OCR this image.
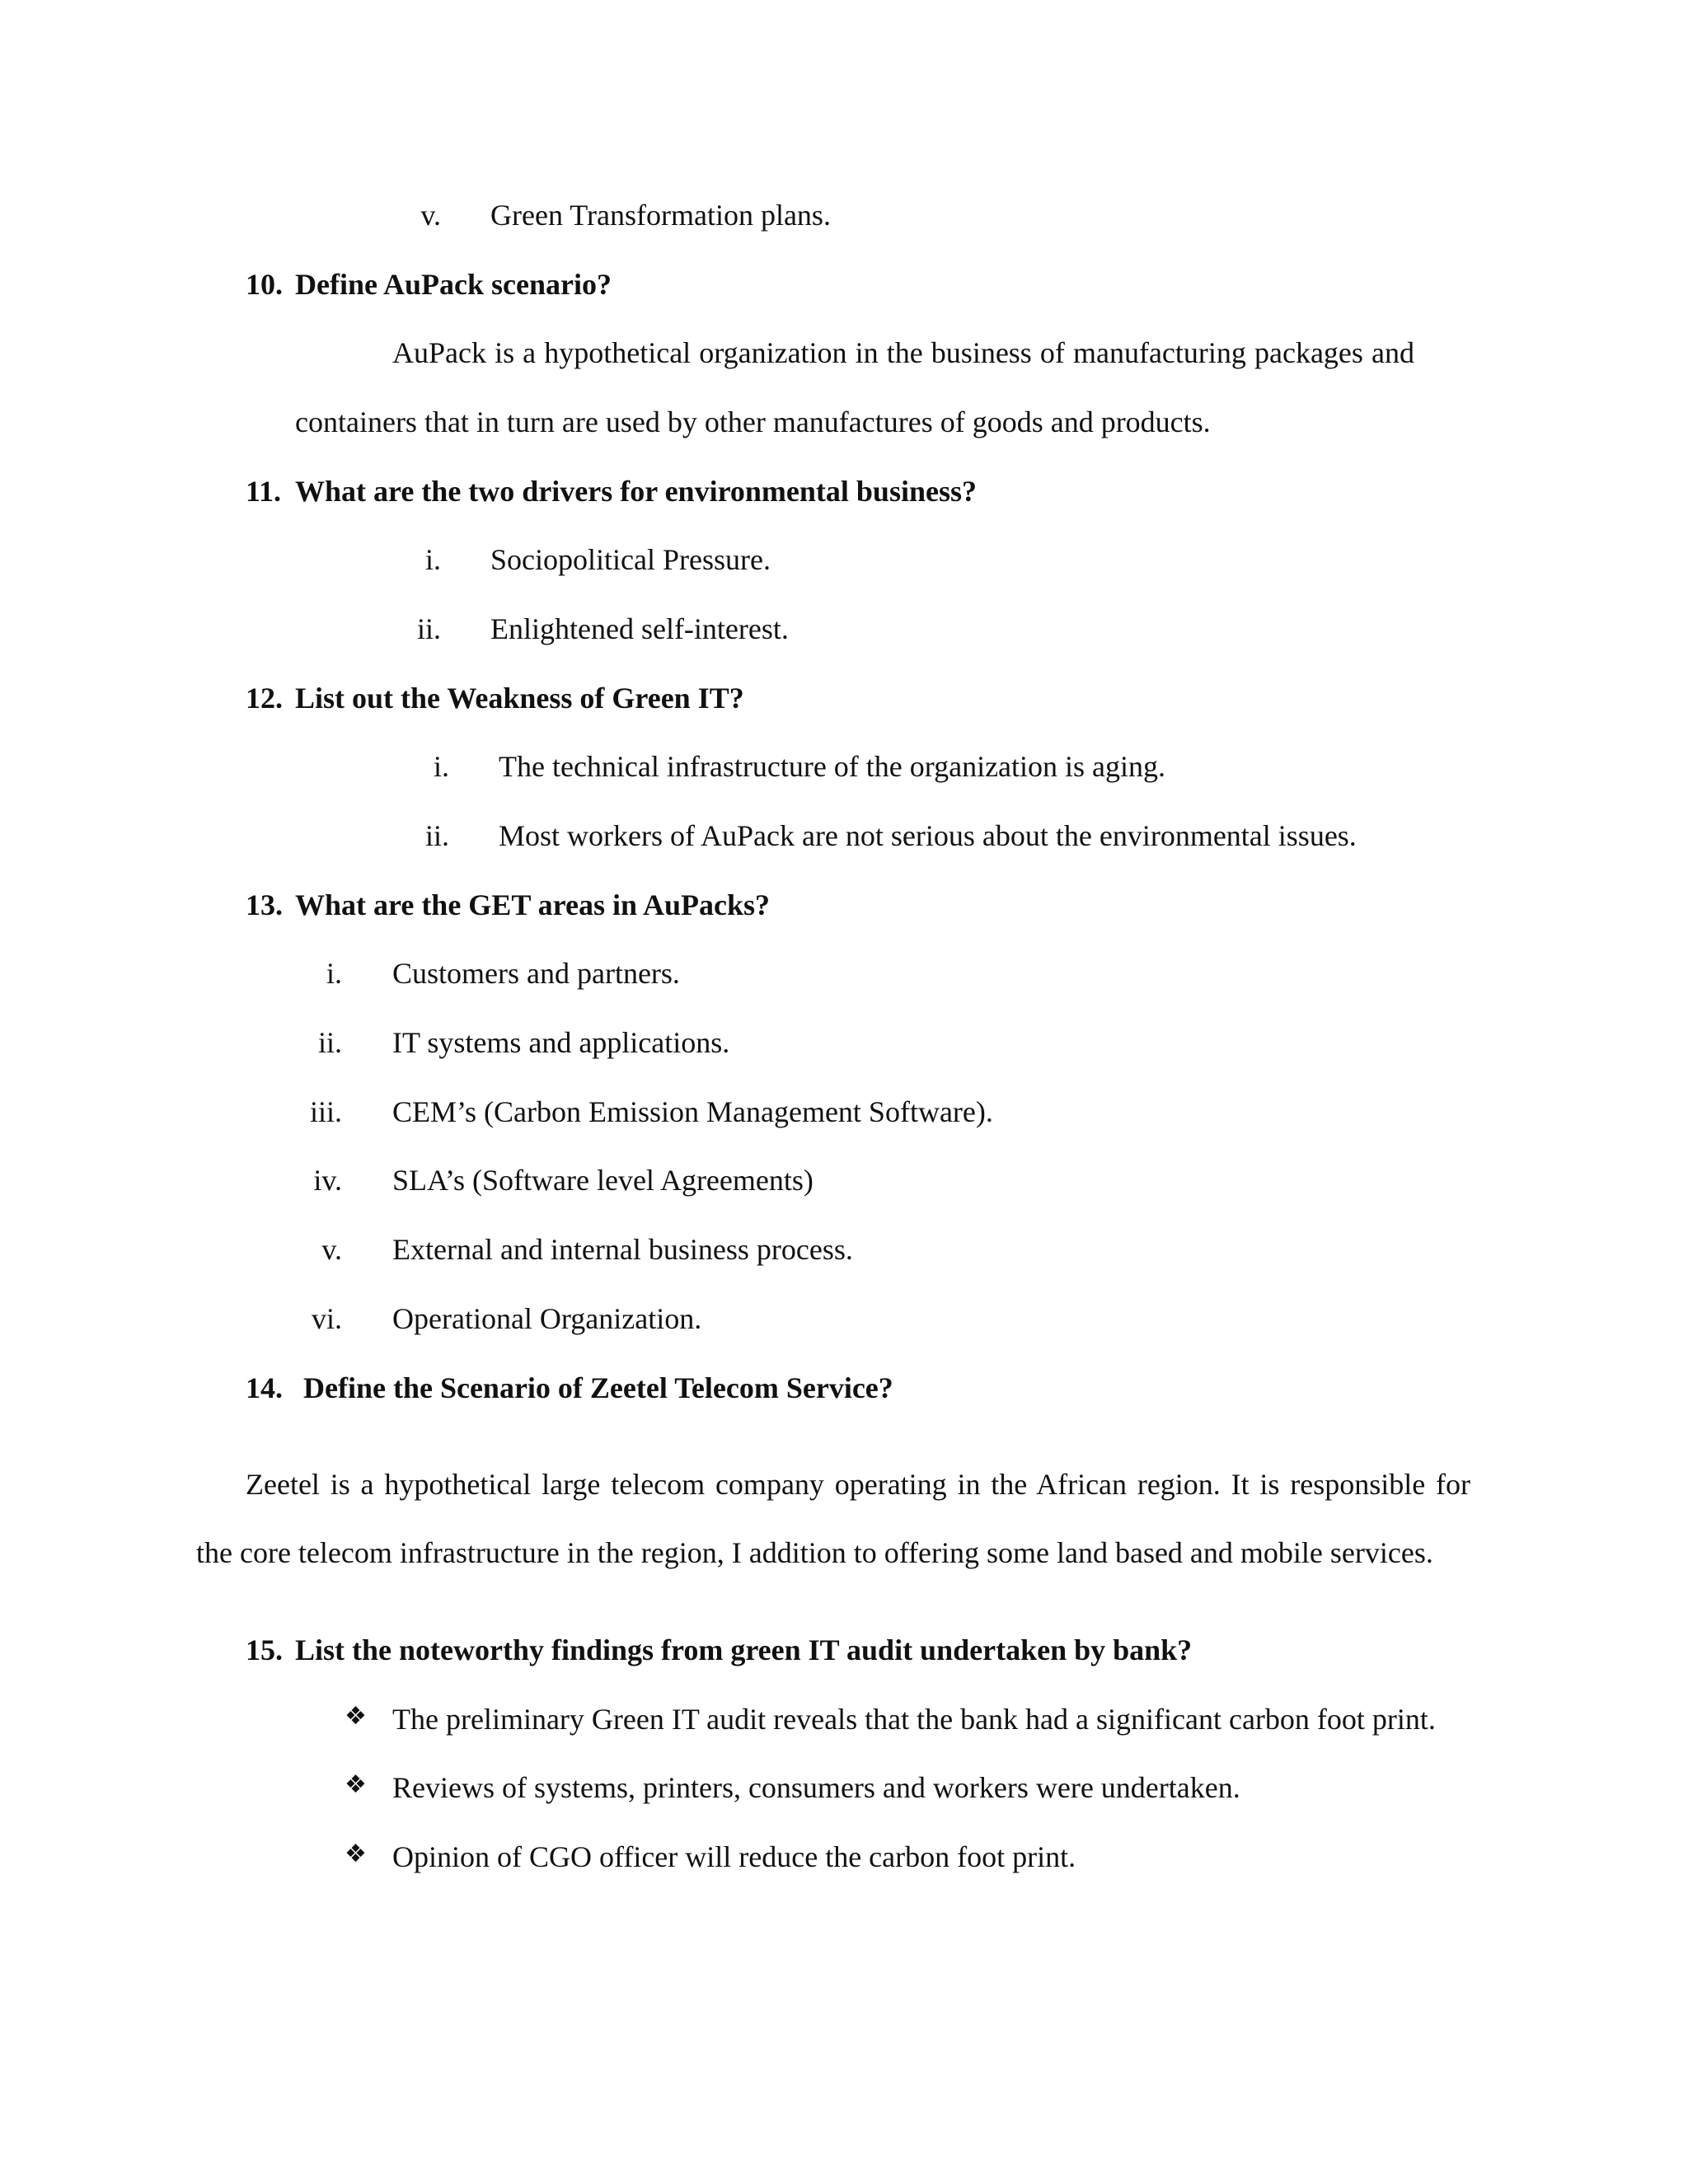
v. Green Transformation plans.
10. Define AuPack scenario?
AuPack is a hypothetical organization in the business of manufacturing packages and
containers that in turn are used by other manufactures of goods and products.
11. What are the two drivers for environmental business?
i. Sociopolitical Pressure.
ii. Enlightened self-interest.
12. List out the Weakness of Green IT?
i. The technical infrastructure of the organization is aging.
ii. Most workers of AuPack are not serious about the environmental issues.
13. What are the GET areas in AuPacks?
i. Customers and partners.
ii. IT systems and applications.
iii. CEM’s (Carbon Emission Management Software).
iv. SLA’s (Software level Agreements)
v. External and internal business process.
vi. Operational Organization.
14. Define the Scenario of Zeetel Telecom Service?
Zeetel is a hypothetical large telecom company operating in the African region. It is responsible for
the core telecom infrastructure in the region, I addition to offering some land based and mobile services.
15. List the noteworthy findings from green IT audit undertaken by bank?
❖ The preliminary Green IT audit reveals that the bank had a significant carbon foot print.
❖ Reviews of systems, printers, consumers and workers were undertaken.
❖ Opinion of CGO officer will reduce the carbon foot print.
